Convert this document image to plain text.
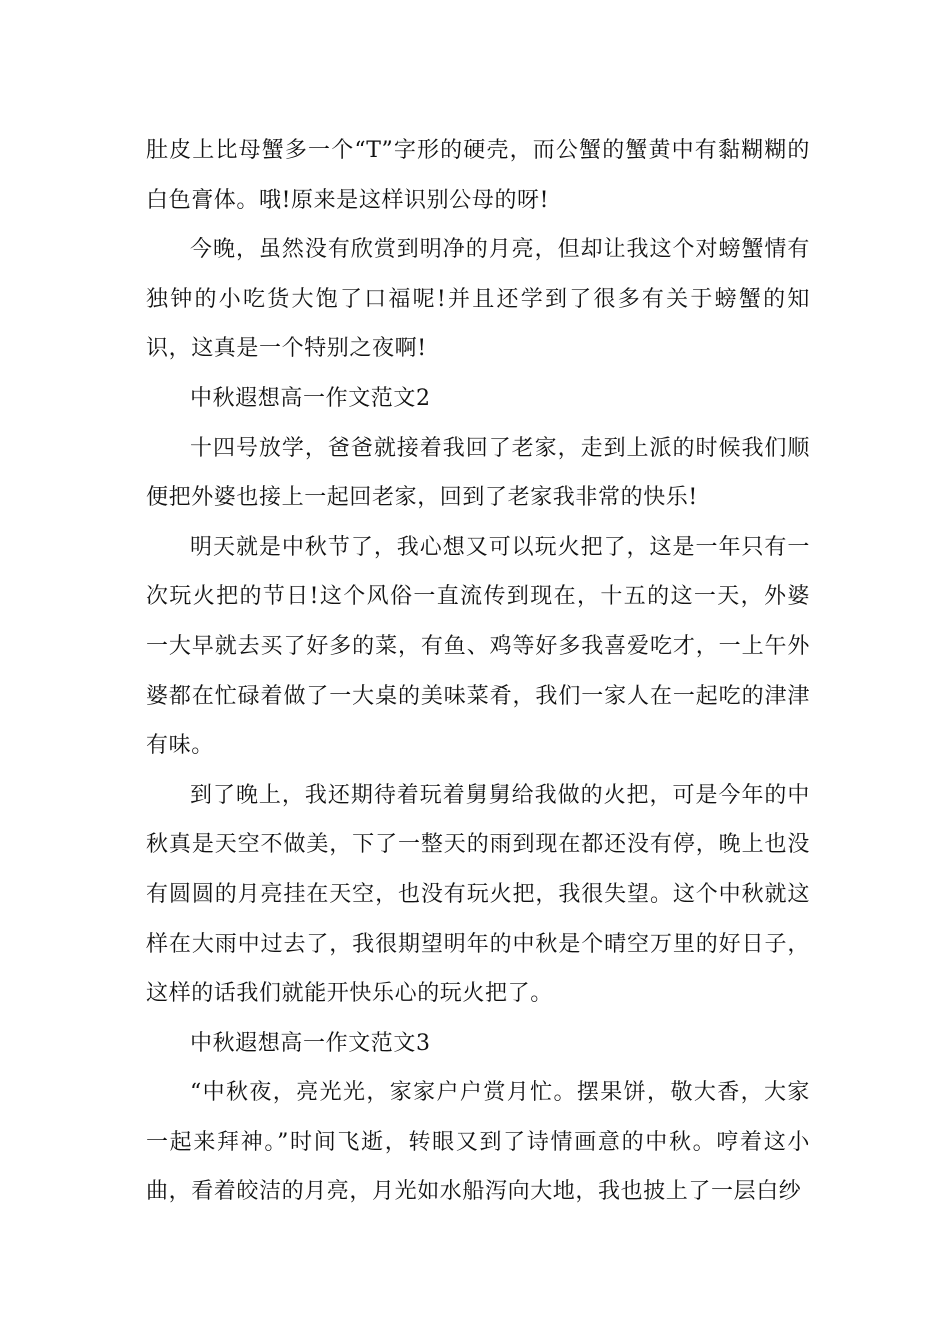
肚皮上比母蟹多一个“T”字形的硬壳，而公蟹的蟹黄中有黏糊糊的白色膏体。哦!原来是这样识别公母的呀!

今晚，虽然没有欣赏到明净的月亮，但却让我这个对螃蟹情有独钟的小吃货大饱了口福呢!并且还学到了很多有关于螃蟹的知识，这真是一个特别之夜啊!

中秋遐想高一作文范文2

十四号放学，爸爸就接着我回了老家，走到上派的时候我们顺便把外婆也接上一起回老家，回到了老家我非常的快乐!

明天就是中秋节了，我心想又可以玩火把了，这是一年只有一次玩火把的节日!这个风俗一直流传到现在，十五的这一天，外婆一大早就去买了好多的菜，有鱼、鸡等好多我喜爱吃才，一上午外婆都在忙碌着做了一大桌的美味菜肴，我们一家人在一起吃的津津有味。

到了晚上，我还期待着玩着舅舅给我做的火把，可是今年的中秋真是天空不做美，下了一整天的雨到现在都还没有停，晚上也没有圆圆的月亮挂在天空，也没有玩火把，我很失望。这个中秋就这样在大雨中过去了，我很期望明年的中秋是个晴空万里的好日子，这样的话我们就能开快乐心的玩火把了。

中秋遐想高一作文范文3

“中秋夜，亮光光，家家户户赏月忙。摆果饼，敬大香，大家一起来拜神。”时间飞逝，转眼又到了诗情画意的中秋。哼着这小曲，看着皎洁的月亮，月光如水船泻向大地，我也披上了一层白纱
